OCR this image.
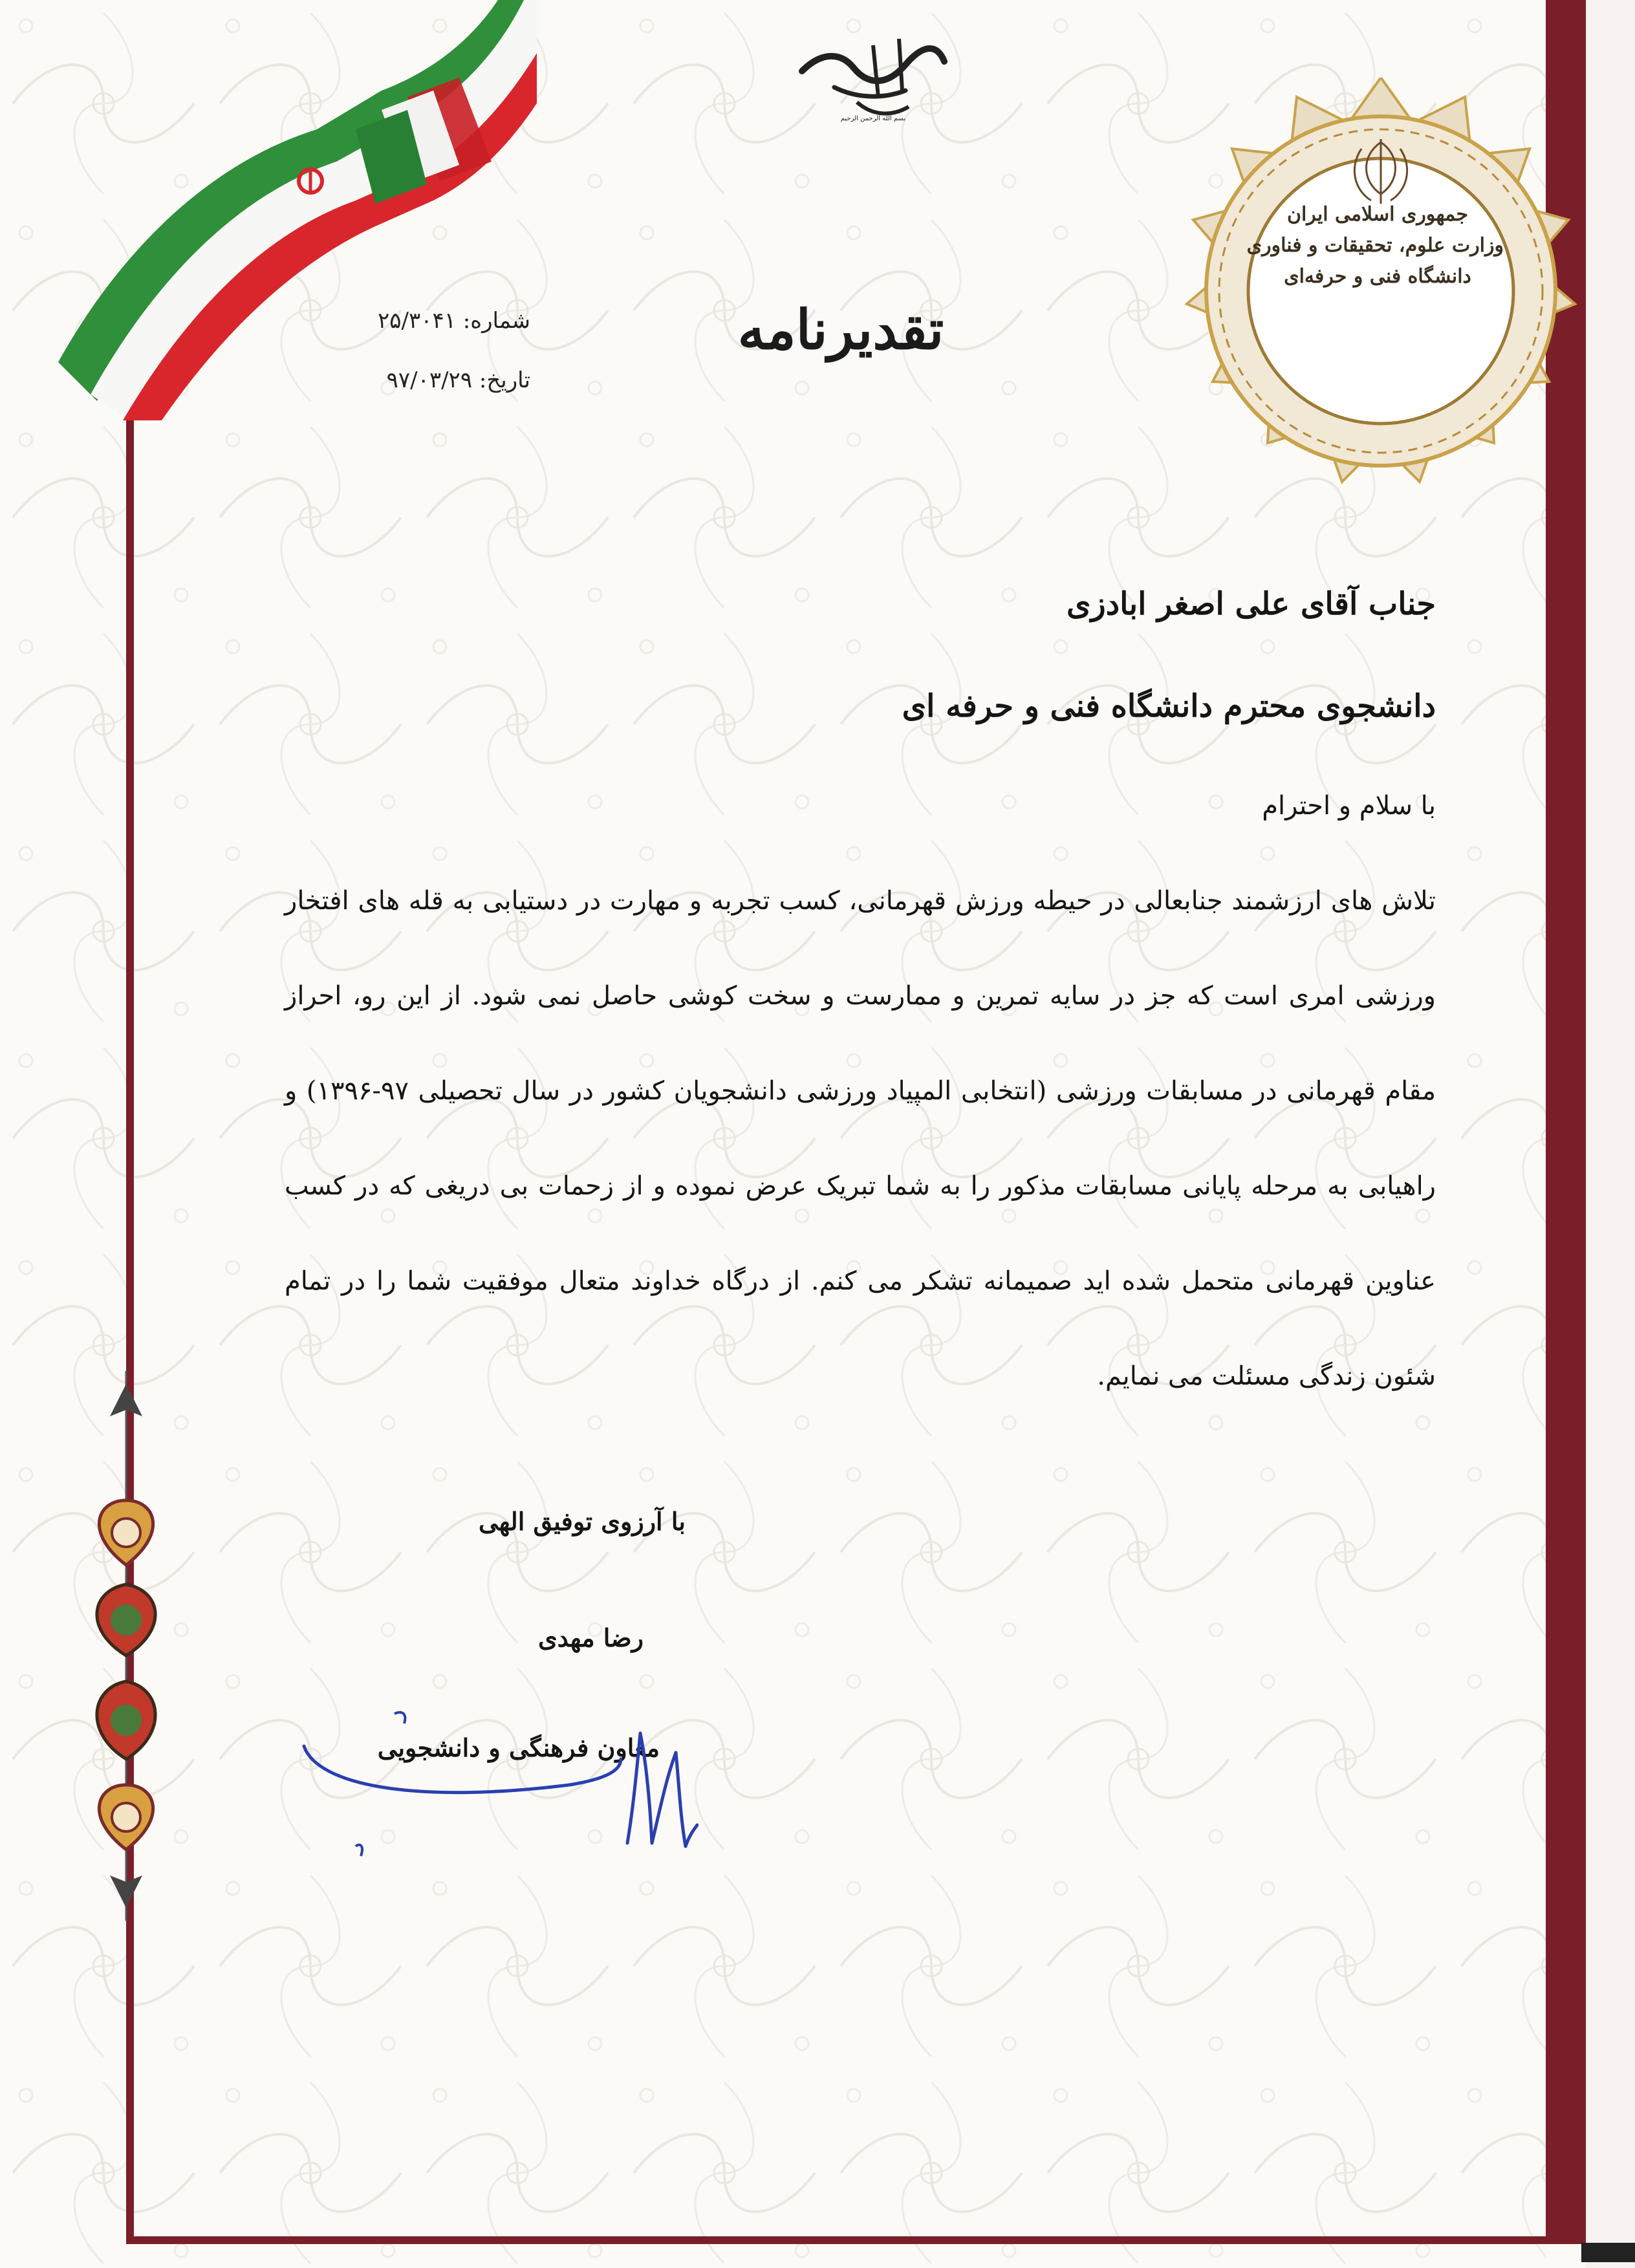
بسم الله الرحمن الرحیم
جمهوری اسلامی ایران
وزارت علوم، تحقیقات و فناوری
دانشگاه فنی و حرفه‌ای
شماره: ۲۵/۳۰۴۱
تاریخ: ۹۷/۰۳/۲۹
تقدیرنامه
جناب آقای علی اصغر ابادزی
دانشجوی محترم دانشگاه فنی و حرفه ای
با سلام و احترام
تلاش های ارزشمند جنابعالی در حیطه ورزش قهرمانی، کسب تجربه و مهارت در دستیابی به قله های افتخار ورزشی امری است که جز در سایه تمرین و ممارست و سخت کوشی حاصل نمی شود. از این رو، احراز مقام قهرمانی در مسابقات ورزشی (انتخابی المپیاد ورزشی دانشجویان کشور در سال تحصیلی ۹۷-۱۳۹۶) و راهیابی به مرحله پایانی مسابقات مذکور را به شما تبریک عرض نموده و از زحمات بی دریغی که در کسب عناوین قهرمانی متحمل شده اید صمیمانه تشکر می کنم. از درگاه خداوند متعال موفقیت شما را در تمام شئون زندگی مسئلت می نمایم.
با آرزوی توفیق الهی
رضا مهدی
معاون فرهنگی و دانشجویی
